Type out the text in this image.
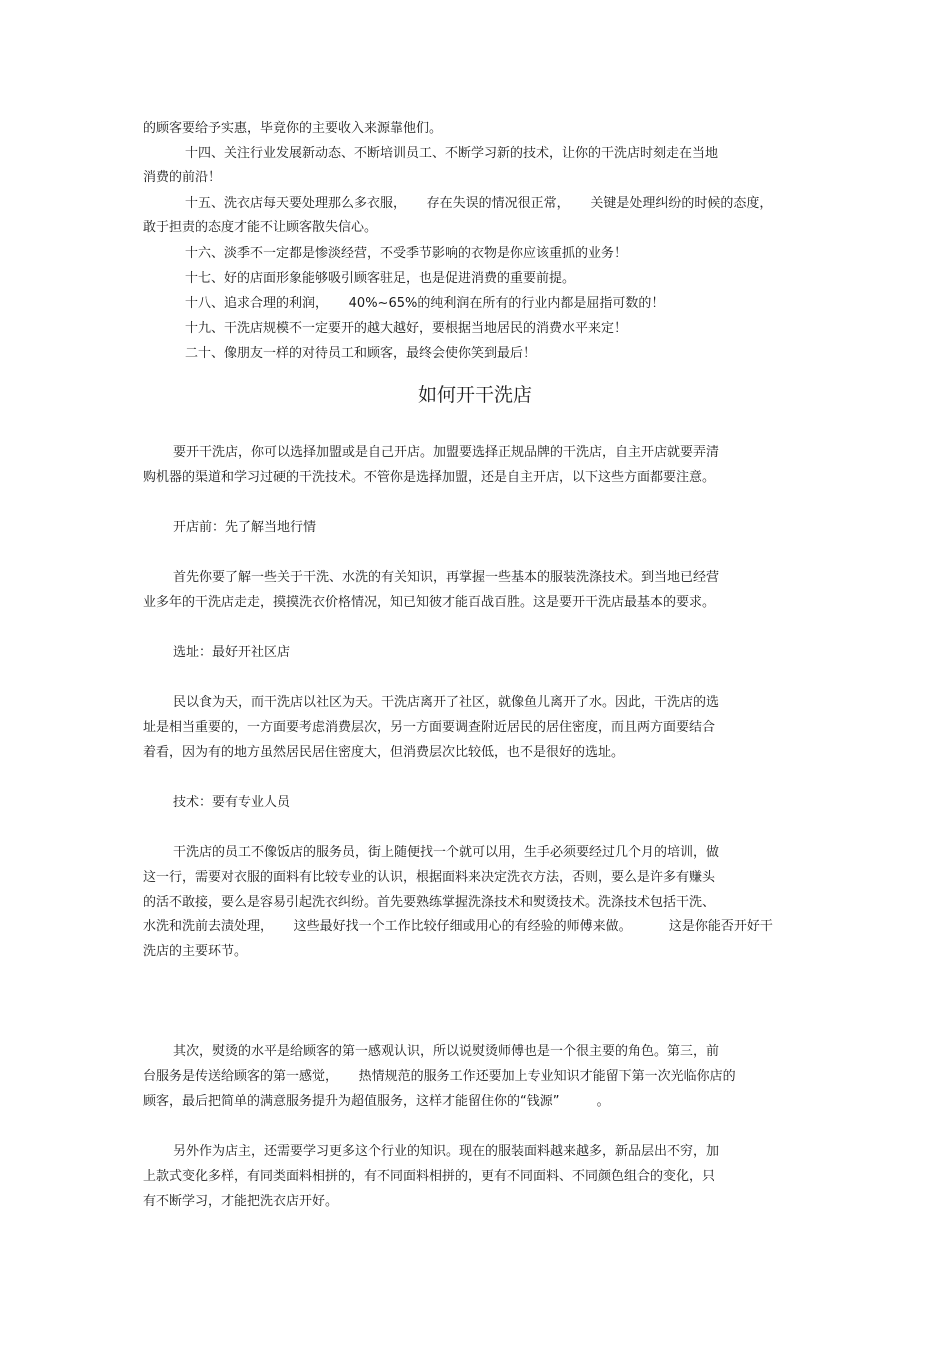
的顾客要给予实惠，毕竟你的主要收入来源靠他们。
十四、关注行业发展新动态、不断培训员工、不断学习新的技术，让你的干洗店时刻走在当地
消费的前沿！
十五、洗衣店每天要处理那么多衣服，     存在失误的情况很正常，     关键是处理纠纷的时候的态度，
敢于担责的态度才能不让顾客散失信心。
十六、淡季不一定都是惨淡经营，不受季节影响的衣物是你应该重抓的业务！
十七、好的店面形象能够吸引顾客驻足，也是促进消费的重要前提。
十八、追求合理的利润，     40%~65%的纯利润在所有的行业内都是屈指可数的！
十九、干洗店规模不一定要开的越大越好，要根据当地居民的消费水平来定！
二十、像朋友一样的对待员工和顾客，最终会使你笑到最后！
如何开干洗店
要开干洗店，你可以选择加盟或是自己开店。加盟要选择正规品牌的干洗店，自主开店就要弄清
购机器的渠道和学习过硬的干洗技术。不管你是选择加盟，还是自主开店，以下这些方面都要注意。
开店前：先了解当地行情
首先你要了解一些关于干洗、水洗的有关知识，再掌握一些基本的服装洗涤技术。到当地已经营
业多年的干洗店走走，摸摸洗衣价格情况，知已知彼才能百战百胜。这是要开干洗店最基本的要求。
选址：最好开社区店
民以食为天，而干洗店以社区为天。干洗店离开了社区，就像鱼儿离开了水。因此，干洗店的选
址是相当重要的，一方面要考虑消费层次，另一方面要调查附近居民的居住密度，而且两方面要结合
着看，因为有的地方虽然居民居住密度大，但消费层次比较低，也不是很好的选址。
技术：要有专业人员
干洗店的员工不像饭店的服务员，街上随便找一个就可以用，生手必须要经过几个月的培训，做
这一行，需要对衣服的面料有比较专业的认识，根据面料来决定洗衣方法，否则，要么是许多有赚头
的活不敢接，要么是容易引起洗衣纠纷。首先要熟练掌握洗涤技术和熨烫技术。洗涤技术包括干洗、
水洗和洗前去渍处理，     这些最好找一个工作比较仔细或用心的有经验的师傅来做。         这是你能否开好干
洗店的主要环节。
其次，熨烫的水平是给顾客的第一感观认识，所以说熨烫师傅也是一个很主要的角色。第三，前
台服务是传送给顾客的第一感觉，     热情规范的服务工作还要加上专业知识才能留下第一次光临你店的
顾客，最后把简单的满意服务提升为超值服务，这样才能留住你的“钱源”         。
另外作为店主，还需要学习更多这个行业的知识。现在的服装面料越来越多，新品层出不穷，加
上款式变化多样，有同类面料相拼的，有不同面料相拼的，更有不同面料、不同颜色组合的变化，只
有不断学习，才能把洗衣店开好。
